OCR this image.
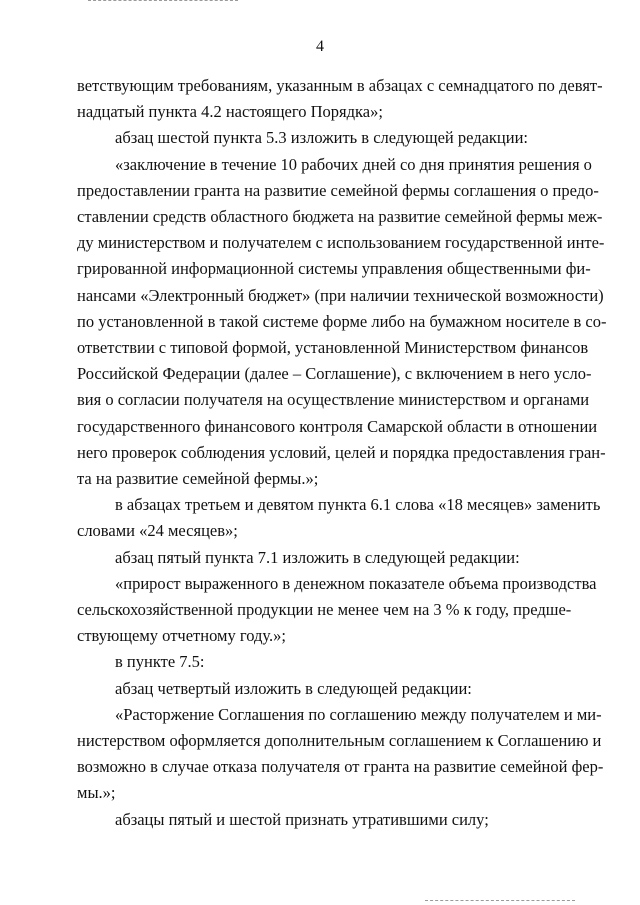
4
ветствующим требованиям, указанным в абзацах с семнадцатого по девят-
надцатый пункта 4.2 настоящего Порядка»;
абзац шестой пункта 5.3 изложить в следующей редакции:
«заключение в течение 10 рабочих дней со дня принятия решения о
предоставлении гранта на развитие семейной фермы соглашения о предо-
ставлении средств областного бюджета на развитие семейной фермы меж-
ду министерством и получателем с использованием государственной инте-
грированной информационной системы управления общественными фи-
нансами «Электронный бюджет» (при наличии технической возможности)
по установленной в такой системе форме либо на бумажном носителе в со-
ответствии с типовой формой, установленной Министерством финансов
Российской Федерации (далее – Соглашение), с включением в него усло-
вия о согласии получателя на осуществление министерством и органами
государственного финансового контроля Самарской области в отношении
него проверок соблюдения условий, целей и порядка предоставления гран-
та на развитие семейной фермы.»;
в абзацах третьем и девятом пункта 6.1 слова «18 месяцев» заменить
словами «24 месяцев»;
абзац пятый пункта 7.1 изложить в следующей редакции:
«прирост выраженного в денежном показателе объема производства
сельскохозяйственной продукции не менее чем на 3 % к году, предше-
ствующему отчетному году.»;
в пункте 7.5:
абзац четвертый изложить в следующей редакции:
«Расторжение Соглашения по соглашению между получателем и ми-
нистерством оформляется дополнительным соглашением к Соглашению и
возможно в случае отказа получателя от гранта на развитие семейной фер-
мы.»;
абзацы пятый и шестой признать утратившими силу;
